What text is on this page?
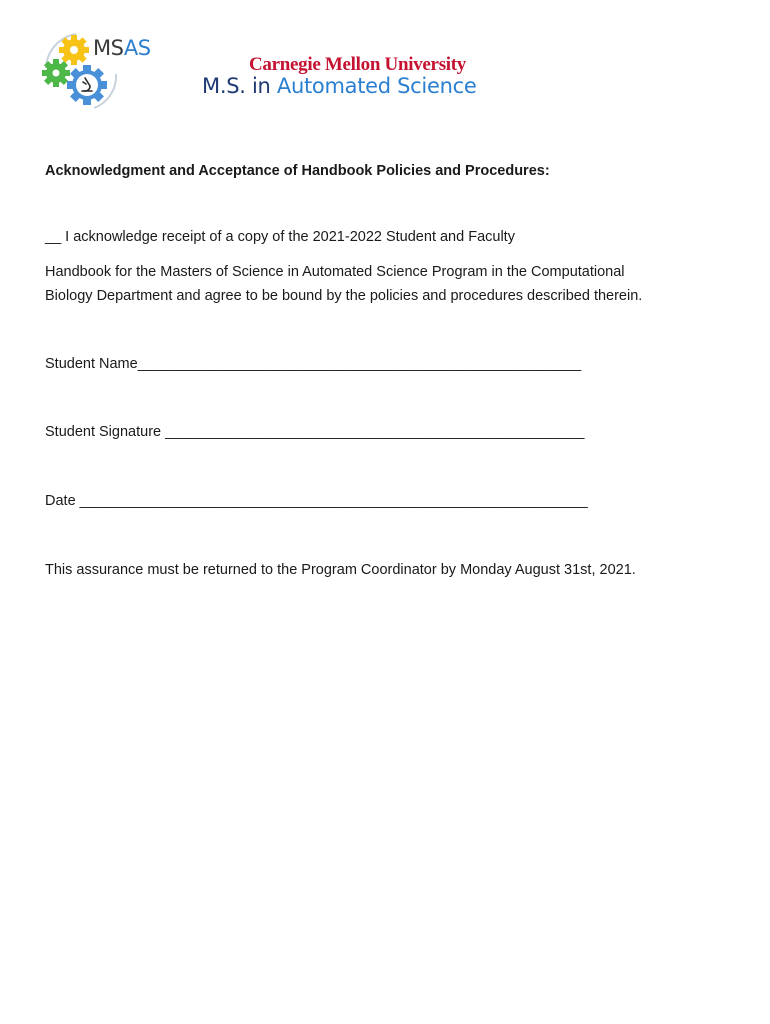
MSAS
Carnegie Mellon University
M.S. in Automated Science
Acknowledgment and Acceptance of Handbook Policies and Procedures:
__ I acknowledge receipt of a copy of the 2021-2022 Student and Faculty
Handbook for the Masters of Science in Automated Science Program in the Computational
Biology Department and agree to be bound by the policies and procedures described therein.
Student Name_______________________________________________________
Student Signature ____________________________________________________
Date _______________________________________________________________
This assurance must be returned to the Program Coordinator by Monday August 31st, 2021.
